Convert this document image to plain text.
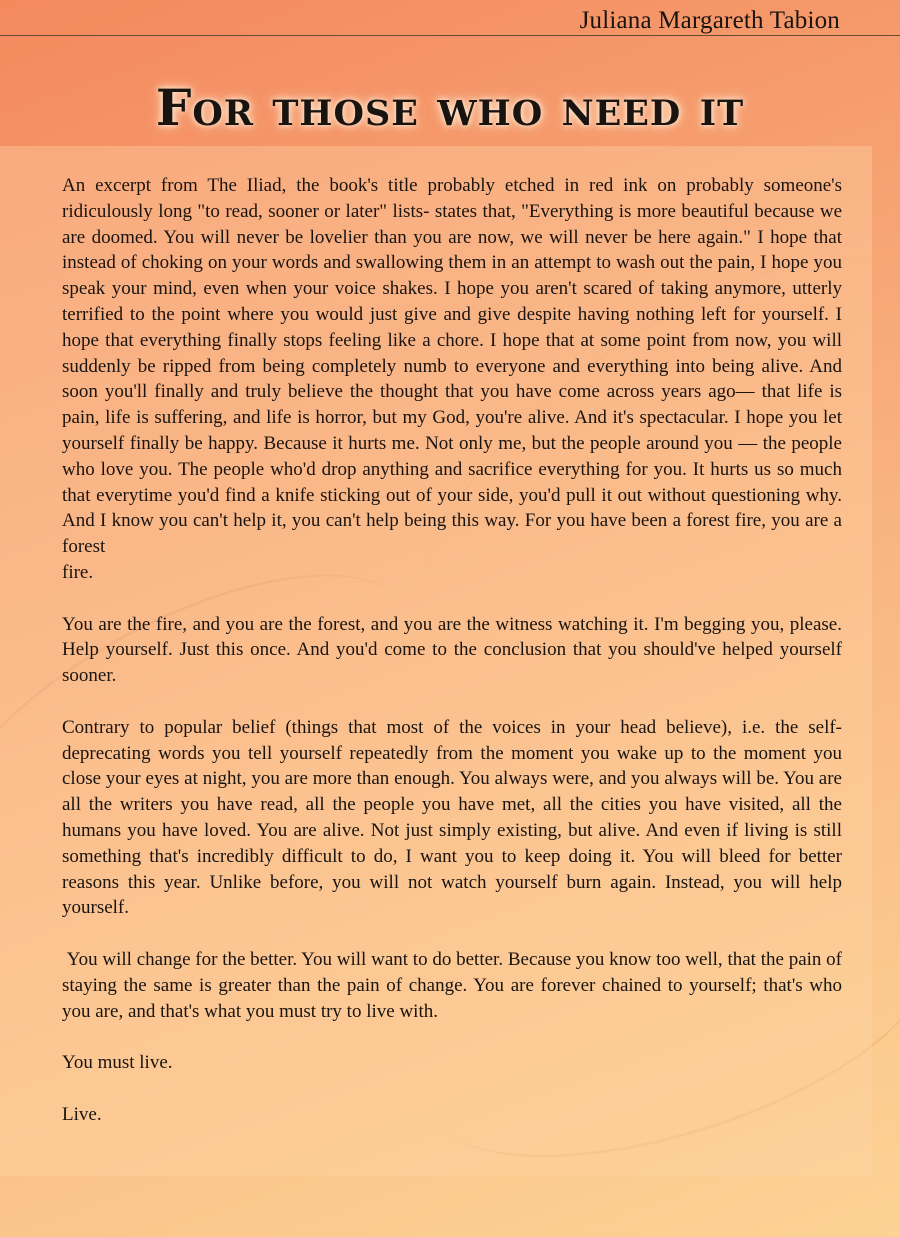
Juliana Margareth Tabion
For those who need it

An excerpt from The Iliad, the book's title probably etched in red ink on probably someone's ridiculously long "to read, sooner or later" lists- states that, "Everything is more beautiful because we are doomed. You will never be lovelier than you are now, we will never be here again." I hope that instead of choking on your words and swallowing them in an attempt to wash out the pain, I hope you speak your mind, even when your voice shakes. I hope you aren't scared of taking anymore, utterly terrified to the point where you would just give and give despite having nothing left for yourself. I hope that everything finally stops feeling like a chore. I hope that at some point from now, you will suddenly be ripped from being completely numb to everyone and everything into being alive. And soon you'll finally and truly believe the thought that you have come across years ago— that life is pain, life is suffering, and life is horror, but my God, you're alive. And it's spectacular. I hope you let yourself finally be happy. Because it hurts me. Not only me, but the people around you — the people who love you. The people who'd drop anything and sacrifice everything for you. It hurts us so much that everytime you'd find a knife sticking out of your side, you'd pull it out without questioning why. And I know you can't help it, you can't help being this way. For you have been a forest fire, you are a forest
fire.

You are the fire, and you are the forest, and you are the witness watching it. I'm begging you, please. Help yourself. Just this once. And you'd come to the conclusion that you should've helped yourself sooner.

Contrary to popular belief (things that most of the voices in your head believe), i.e. the self-deprecating words you tell yourself repeatedly from the moment you wake up to the moment you close your eyes at night, you are more than enough. You always were, and you always will be. You are all the writers you have read, all the people you have met, all the cities you have visited, all the humans you have loved. You are alive. Not just simply existing, but alive. And even if living is still something that's incredibly difficult to do, I want you to keep doing it. You will bleed for better reasons this year. Unlike before, you will not watch yourself burn again. Instead, you will help yourself.

You will change for the better. You will want to do better. Because you know too well, that the pain of staying the same is greater than the pain of change. You are forever chained to yourself; that's who you are, and that's what you must try to live with.

You must live.

Live.
